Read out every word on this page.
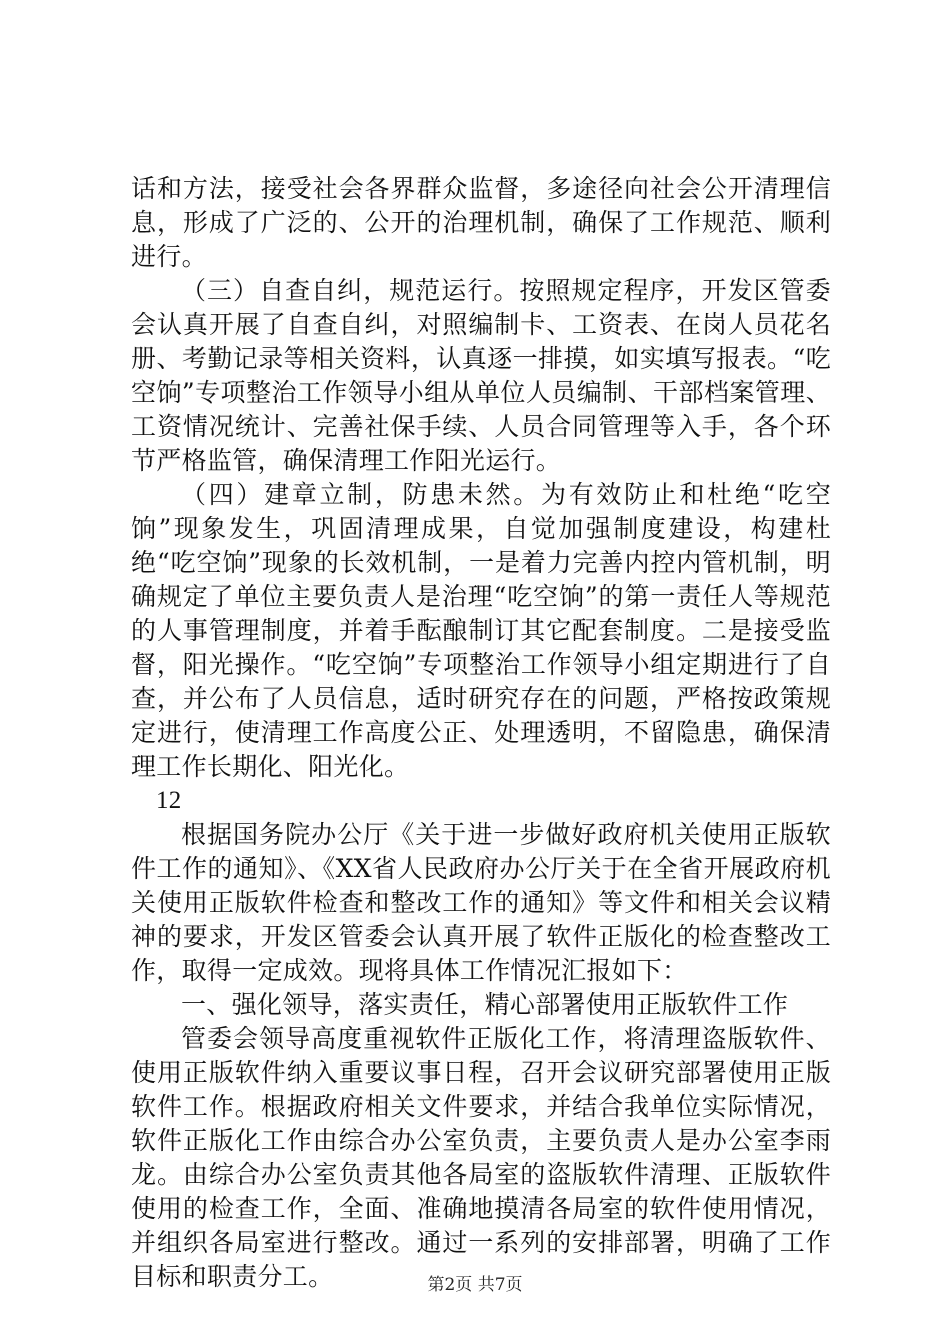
话和方法，接受社会各界群众监督，多途径向社会公开清理信息，形成了广泛的、公开的治理机制，确保了工作规范、顺利进行。

（三）自查自纠，规范运行。按照规定程序，开发区管委会认真开展了自查自纠，对照编制卡、工资表、在岗人员花名册、考勤记录等相关资料，认真逐一排摸，如实填写报表。“吃空饷”专项整治工作领导小组从单位人员编制、干部档案管理、工资情况统计、完善社保手续、人员合同管理等入手，各个环节严格监管，确保清理工作阳光运行。

（四）建章立制，防患未然。为有效防止和杜绝“吃空饷”现象发生，巩固清理成果，自觉加强制度建设，构建杜绝“吃空饷”现象的长效机制，一是着力完善内控内管机制，明确规定了单位主要负责人是治理“吃空饷”的第一责任人等规范的人事管理制度，并着手酝酿制订其它配套制度。二是接受监督，阳光操作。“吃空饷”专项整治工作领导小组定期进行了自查，并公布了人员信息，适时研究存在的问题，严格按政策规定进行，使清理工作高度公正、处理透明，不留隐患，确保清理工作长期化、阳光化。

12

根据国务院办公厅《关于进一步做好政府机关使用正版软件工作的通知》、《XX省人民政府办公厅关于在全省开展政府机关使用正版软件检查和整改工作的通知》等文件和相关会议精神的要求，开发区管委会认真开展了软件正版化的检查整改工作，取得一定成效。现将具体工作情况汇报如下：

一、强化领导，落实责任，精心部署使用正版软件工作

管委会领导高度重视软件正版化工作，将清理盗版软件、使用正版软件纳入重要议事日程，召开会议研究部署使用正版软件工作。根据政府相关文件要求，并结合我单位实际情况，软件正版化工作由综合办公室负责，主要负责人是办公室李雨龙。由综合办公室负责其他各局室的盗版软件清理、正版软件使用的检查工作，全面、准确地摸清各局室的软件使用情况，并组织各局室进行整改。通过一系列的安排部署，明确了工作目标和职责分工。	第2页 共7页
